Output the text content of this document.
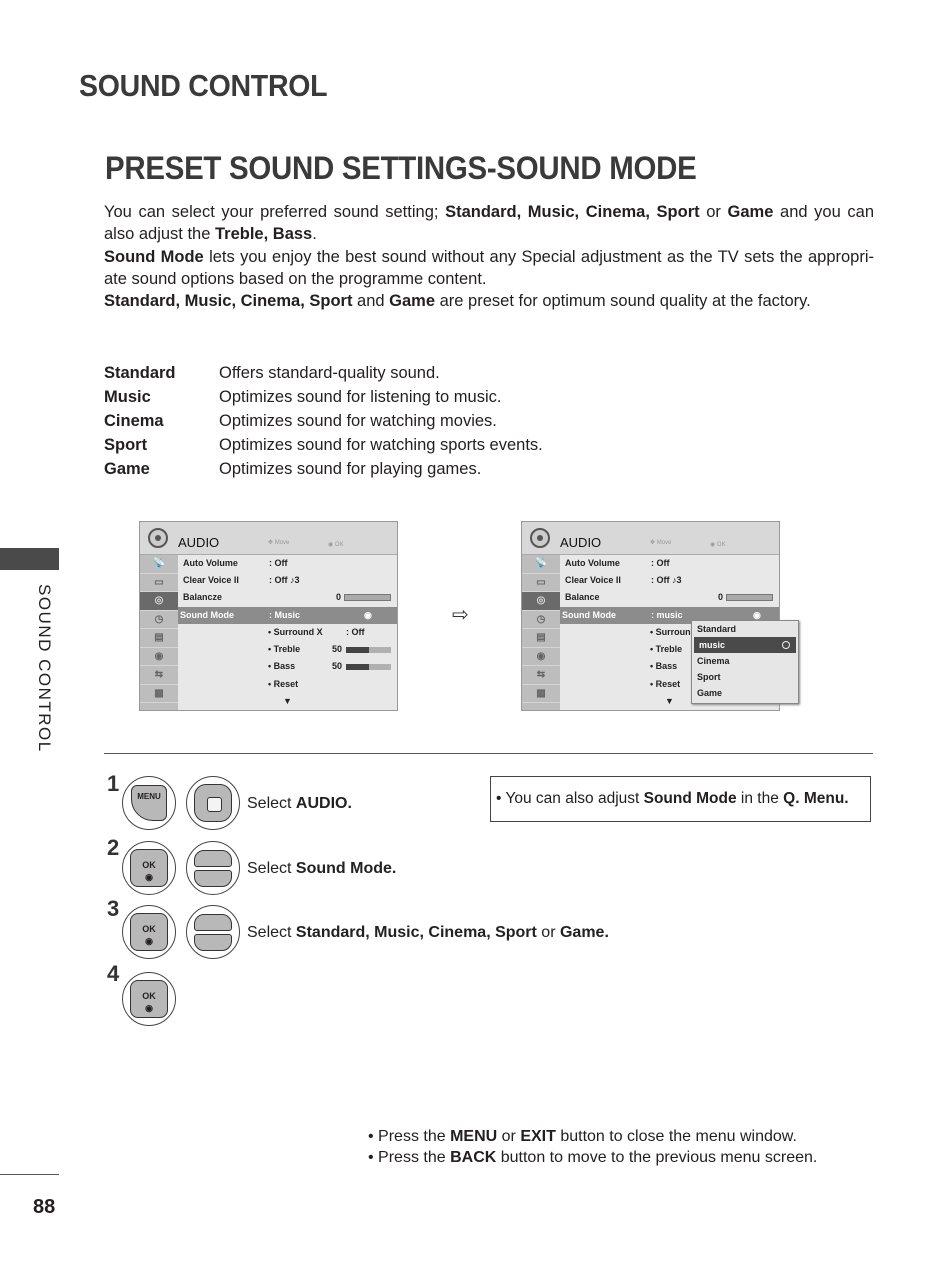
SOUND CONTROL
PRESET SOUND SETTINGS-SOUND MODE

You can select your preferred sound setting; Standard, Music, Cinema, Sport or Game and you can also adjust the Treble, Bass.

Sound Mode lets you enjoy the best sound without any Special adjustment as the TV sets the appropri-ate sound options based on the programme content.

Standard, Music, Cinema, Sport and Game are preset for optimum sound quality at the factory.

Standard	Offers standard-quality sound.
Music	Optimizes sound for listening to music.
Cinema	Optimizes sound for watching movies.
Sport	Optimizes sound for watching sports events.
Game	Optimizes sound for playing games.
SOUND CONTROL
AUDIO	✥ Move	◉ OK
📡
▭
◎
◷
▤
◉
⇆
▩
Auto Volume	: Off
Clear Voice II	: Off ♪3
Balancze	0
Sound Mode	: Music	◉
• Surround X	: Off
• Treble	50
• Bass	50
• Reset
▼
⇨
AUDIO	✥ Move	◉ OK
📡
▭
◎
◷
▤
◉
⇆
▩
Auto Volume	: Off
Clear Voice II	: Off ♪3
Balance	0
Sound Mode	: music	◉
• Surroun
• Treble
• Bass
• Reset
▼
Standard
music
Cinema
Sport
Game
1
MENU	Select AUDIO.	• You can also adjust Sound Mode in the Q. Menu.
2
OK
◉	Select Sound Mode.
3
OK
◉	Select Standard, Music, Cinema, Sport or Game.
4
OK
◉
• Press the MENU or EXIT button to close the menu window.
• Press the BACK button to move to the previous menu screen.
88
